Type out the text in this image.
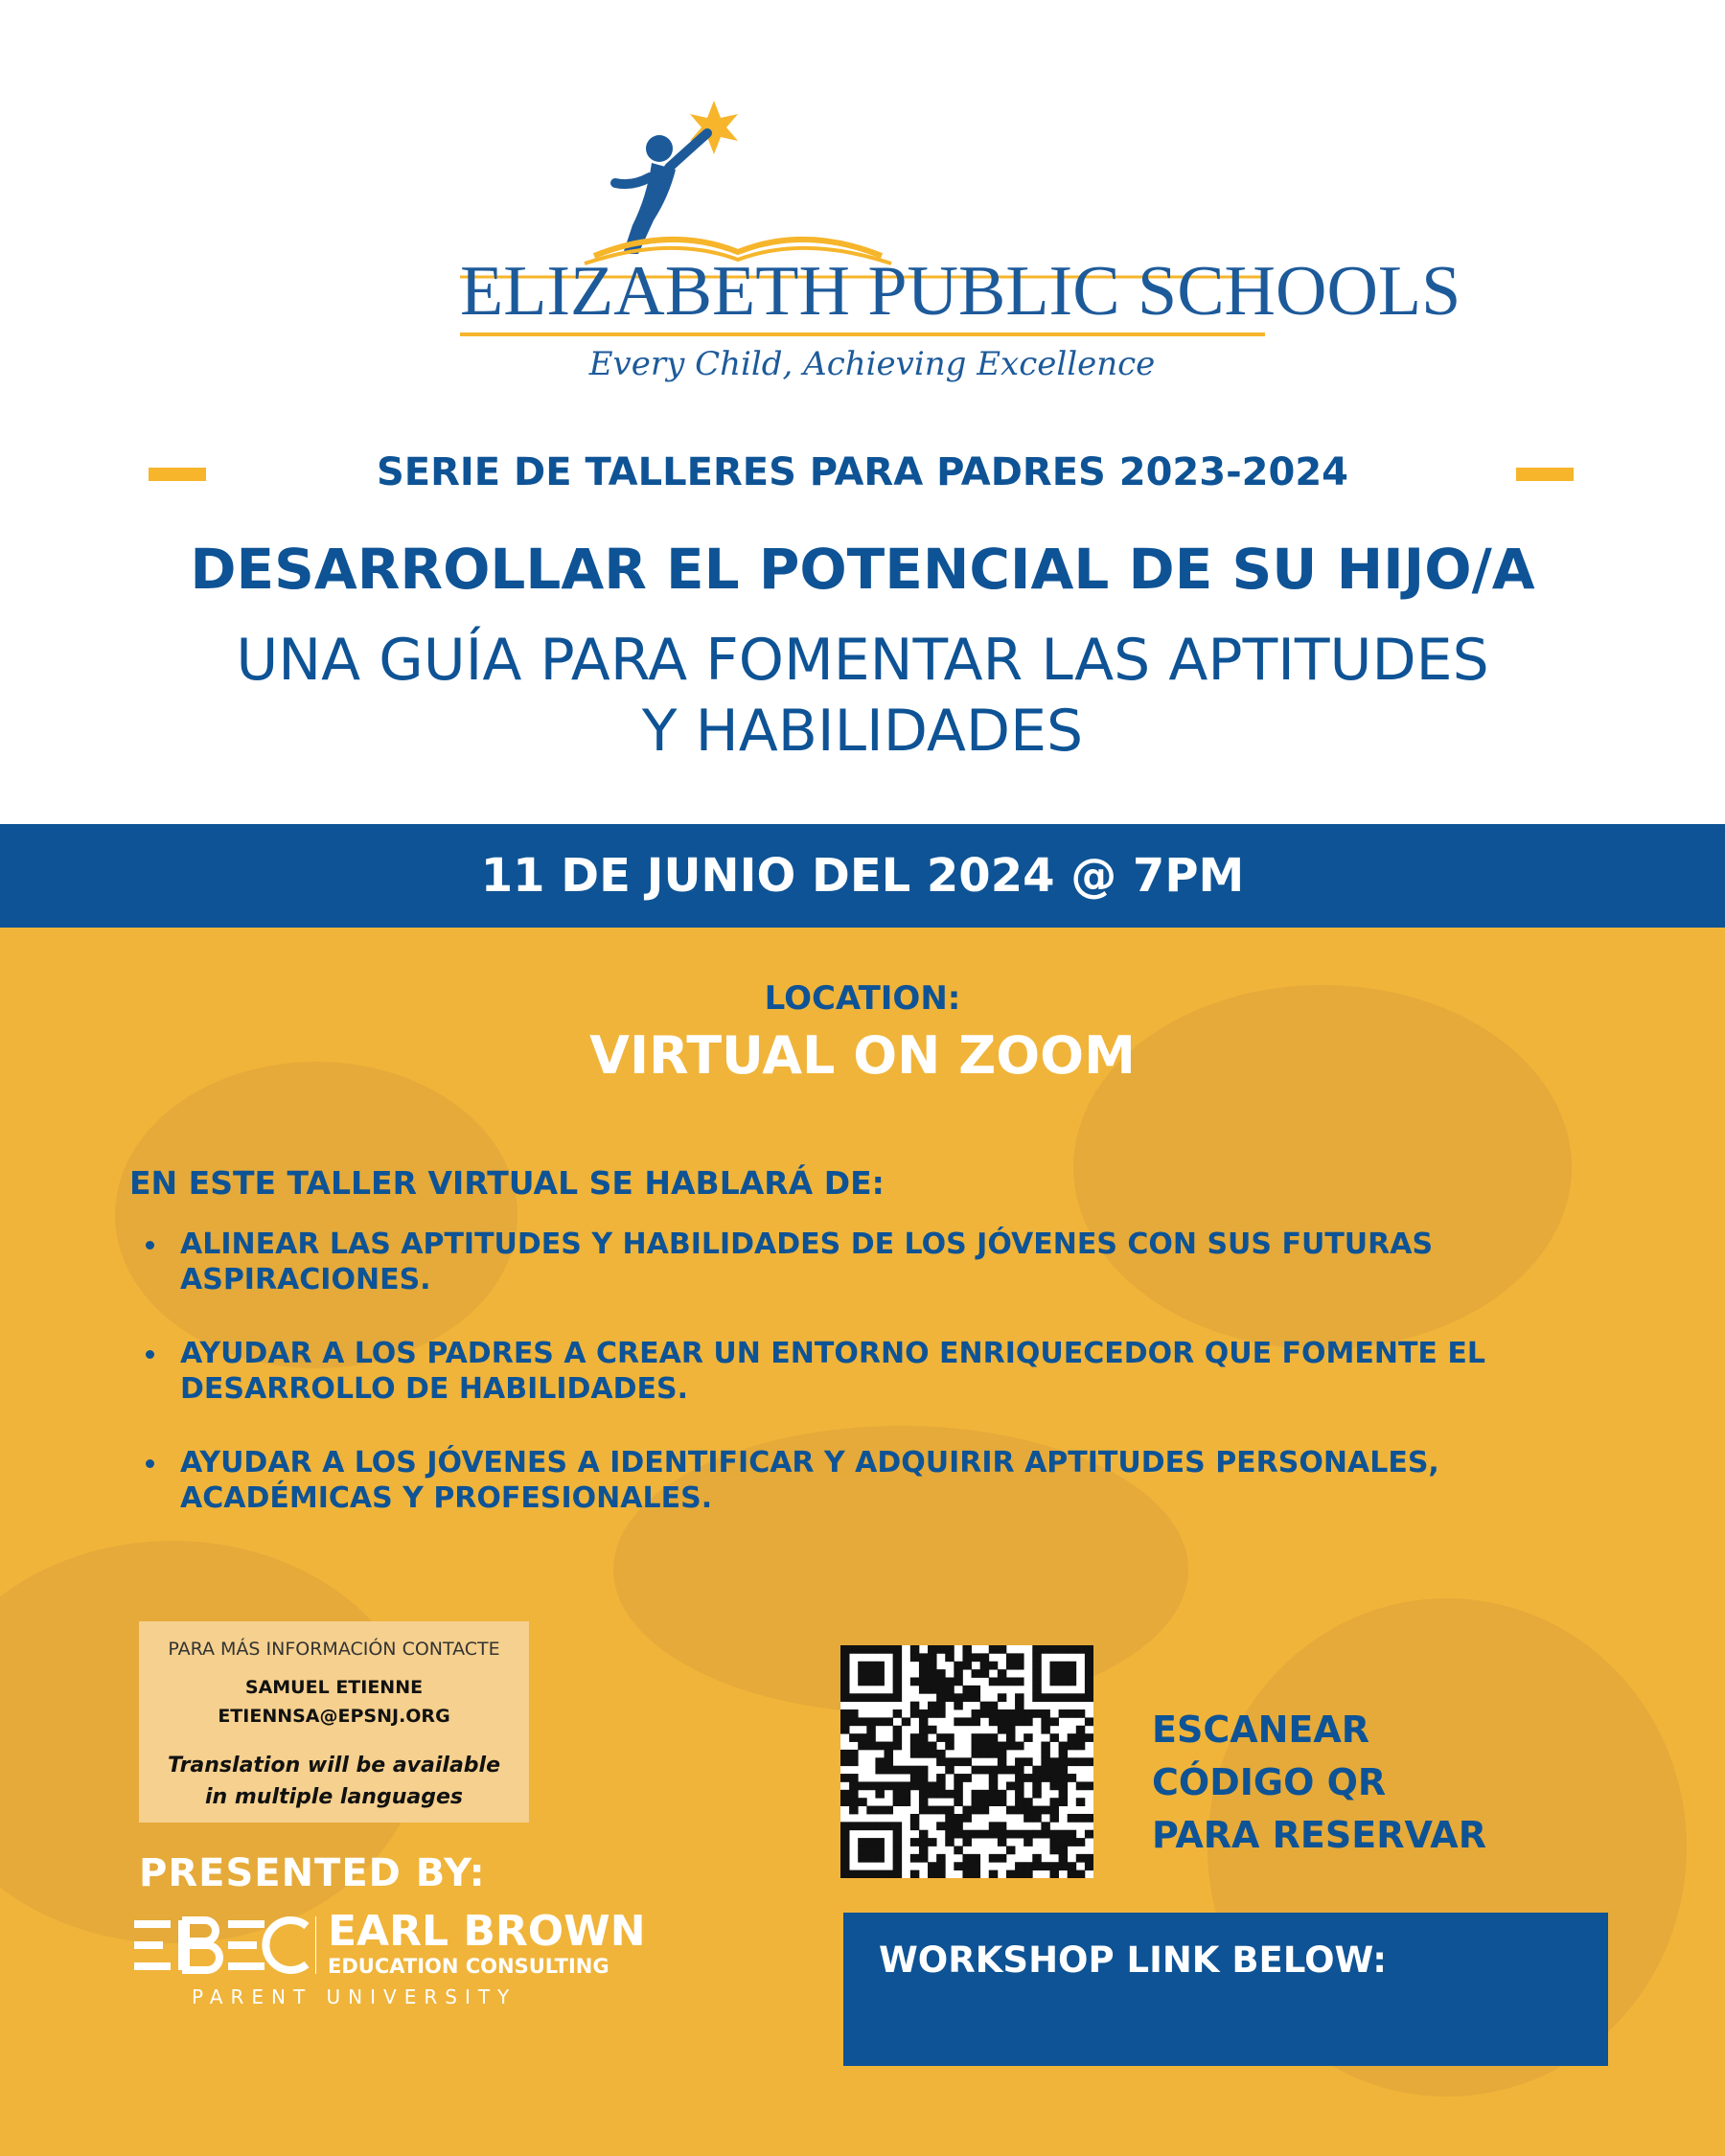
ELIZABETH PUBLIC SCHOOLS
Every Child, Achieving Excellence
SERIE DE TALLERES PARA PADRES 2023-2024
DESARROLLAR EL POTENCIAL DE SU HIJO/A
UNA GUÍA PARA FOMENTAR LAS APTITUDES
Y HABILIDADES
11 DE JUNIO DEL 2024 @ 7PM
LOCATION:
VIRTUAL ON ZOOM
EN ESTE TALLER VIRTUAL SE HABLARÁ DE:
ALINEAR LAS APTITUDES Y HABILIDADES DE LOS JÓVENES CON SUS FUTURAS
ASPIRACIONES.
AYUDAR A LOS PADRES A CREAR UN ENTORNO ENRIQUECEDOR QUE FOMENTE EL
DESARROLLO DE HABILIDADES.
AYUDAR A LOS JÓVENES A IDENTIFICAR Y ADQUIRIR APTITUDES PERSONALES,
ACADÉMICAS Y PROFESIONALES.
PARA MÁS INFORMACIÓN CONTACTE
SAMUEL ETIENNE
ETIENNSA@EPSNJ.ORG
Translation will be available
in multiple languages
PRESENTED BY:
EARL BROWN
EDUCATION CONSULTING
PARENT UNIVERSITY
ESCANEAR
CÓDIGO QR
PARA RESERVAR
WORKSHOP LINK BELOW:
